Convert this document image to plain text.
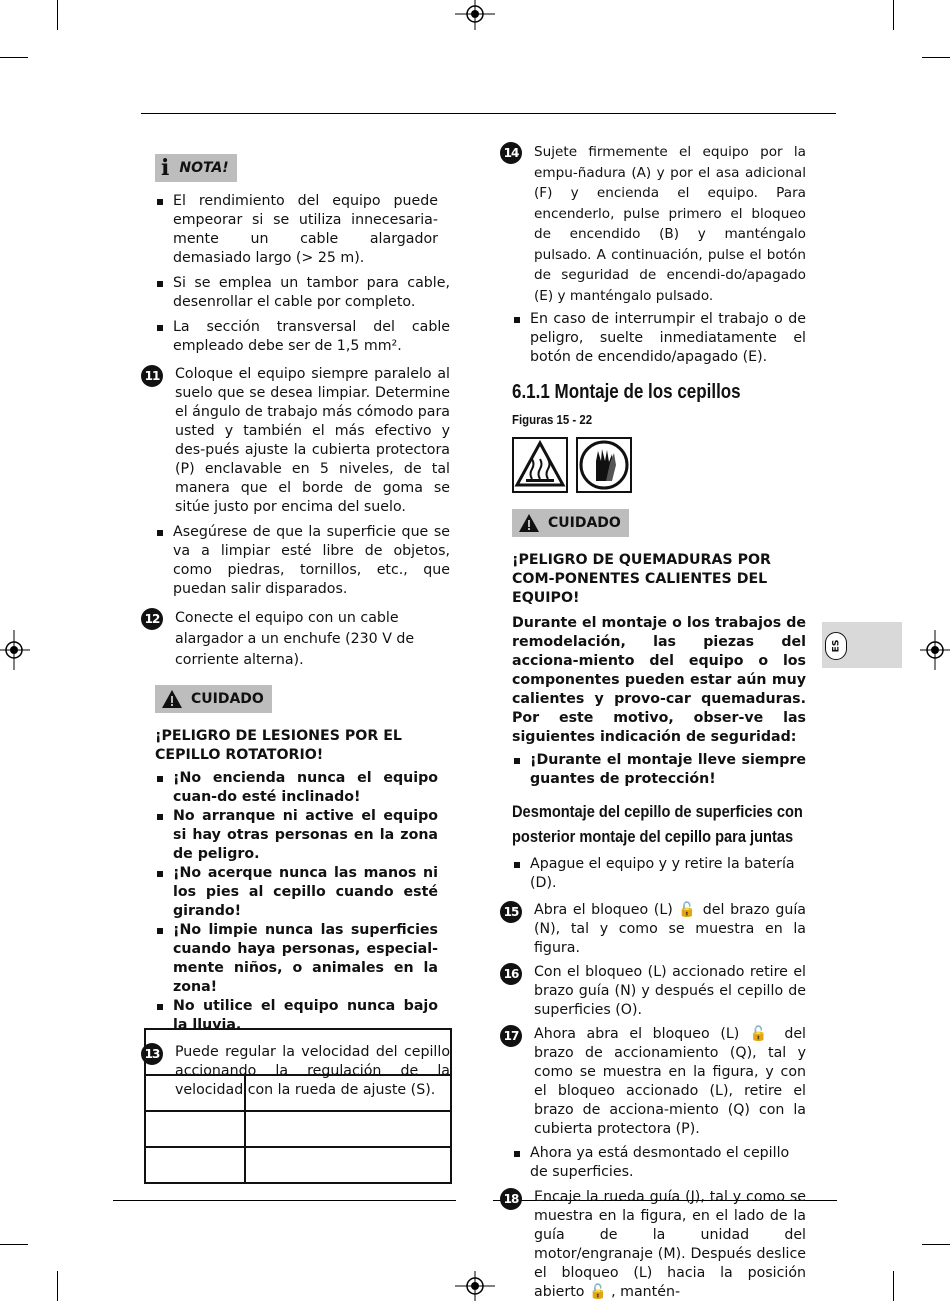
ES
i NOTA!

El rendimiento del equipo puede empeorar si se utiliza innecesaria-mente un cable alargador demasiado largo (> 25 m).

Si se emplea un tambor para cable, desenrollar el cable por completo.

La sección transversal del cable empleado debe ser de 1,5 mm².

11 Coloque el equipo siempre paralelo al suelo que se desea limpiar. Determine el ángulo de trabajo más cómodo para usted y también el más efectivo y des-pués ajuste la cubierta protectora (P) enclavable en 5 niveles, de tal manera que el borde de goma se sitúe justo por encima del suelo.

Asegúrese de que la superficie que se va a limpiar esté libre de objetos, como piedras, tornillos, etc., que puedan salir disparados.

12 Conecte el equipo con un cable alargador a un enchufe (230 V de corriente alterna).
CUIDADO

¡PELIGRO DE LESIONES POR EL CEPILLO ROTATORIO!

¡No encienda nunca el equipo cuan-do esté inclinado!

No arranque ni active el equipo si hay otras personas en la zona de peligro.

¡No acerque nunca las manos ni los pies al cepillo cuando esté girando!

¡No limpie nunca las superficies cuando haya personas, especial-mente niños, o animales en la zona!

No utilice el equipo nunca bajo la lluvia.

13 Puede regular la velocidad del cepillo accionando la regulación de la velocidad con la rueda de ajuste (S).

14 Sujete firmemente el equipo por la empu-ñadura (A) y por el asa adicional (F) y encienda el equipo. Para encenderlo, pulse primero el bloqueo de encendido (B) y manténgalo pulsado. A continuación, pulse el botón de seguridad de encendi-do/apagado (E) y manténgalo pulsado.

En caso de interrumpir el trabajo o de peligro, suelte inmediatamente el botón de encendido/apagado (E).

6.1.1 Montaje de los cepillos
Figuras 15 - 22
CUIDADO

¡PELIGRO DE QUEMADURAS POR COM-PONENTES CALIENTES DEL EQUIPO!

Durante el montaje o los trabajos de remodelación, las piezas del acciona-miento del equipo o los componentes pueden estar aún muy calientes y provo-car quemaduras. Por este motivo, obser-ve las siguientes indicación de seguridad:

¡Durante el montaje lleve siempre guantes de protección!

Desmontaje del cepillo de superficies con
posterior montaje del cepillo para juntas

Apague el equipo y y retire la batería (D).

15 Abra el bloqueo (L) 🔓 del brazo guía (N), tal y como se muestra en la figura.
16 Con el bloqueo (L) accionado retire el brazo guía (N) y después el cepillo de superficies (O).
17 Ahora abra el bloqueo (L) 🔓 del brazo de accionamiento (Q), tal y como se muestra en la figura, y con el bloqueo accionado (L), retire el brazo de acciona-miento (Q) con la cubierta protectora (P).

Ahora ya está desmontado el cepillo de superficies.

18 Encaje la rueda guía (J), tal y como se muestra en la figura, en el lado de la guía de la unidad del motor/engranaje (M). Después deslice el bloqueo (L) hacia la posición abierto 🔓 , mantén-
